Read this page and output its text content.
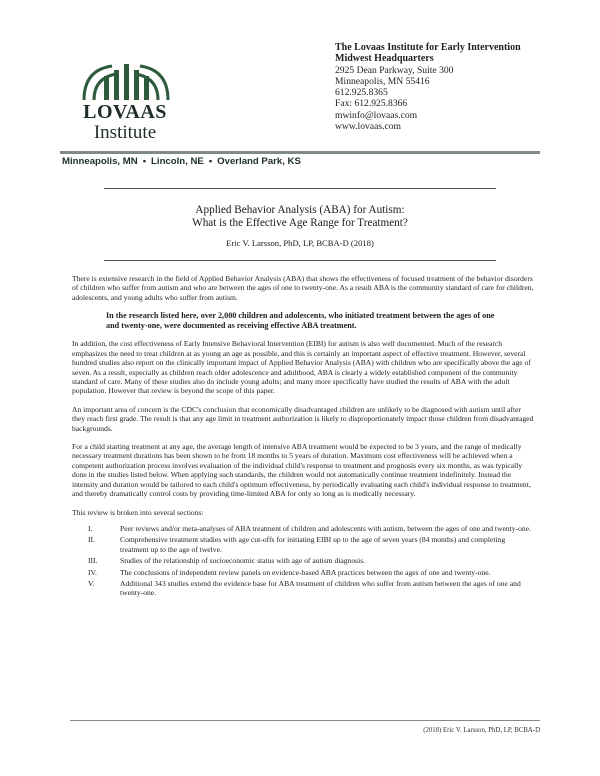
LOVAAS
Institute
The Lovaas Institute for Early Intervention
Midwest Headquarters
2925 Dean Parkway, Suite 300
Minneapolis, MN 55416
612.925.8365
Fax: 612.925.8366
mwinfo@lovaas.com
www.lovaas.com
Minneapolis, MN • Lincoln, NE • Overland Park, KS
Applied Behavior Analysis (ABA) for Autism:
What is the Effective Age Range for Treatment?
Eric V. Larsson, PhD, LP, BCBA-D (2018)

There is extensive research in the field of Applied Behavior Analysis (ABA) that shows the effectiveness of focused treatment of the behavior disorders of children who suffer from autism and who are between the ages of one to twenty-one. As a result ABA is the community standard of care for children, adolescents, and young adults who suffer from autism.

In the research listed here, over 2,000 children and adolescents, who initiated treatment between the ages of one and twenty-one, were documented as receiving effective ABA treatment.

In addition, the cost effectiveness of Early Intensive Behavioral Intervention (EIBI) for autism is also well documented. Much of the research emphasizes the need to treat children at as young an age as possible, and this is certainly an important aspect of effective treatment. However, several hundred studies also report on the clinically important impact of Applied Behavior Analysis (ABA) with children who are specifically above the age of seven. As a result, especially as children reach older adolescence and adulthood, ABA is clearly a widely established component of the community standard of care. Many of these studies also do include young adults; and many more specifically have studied the results of ABA with the adult population. However that review is beyond the scope of this paper.

An important area of concern is the CDC's conclusion that economically disadvantaged children are unlikely to be diagnosed with autism until after they reach first grade. The result is that any age limit in treatment authorization is likely to disproportionately impact those children from disadvantaged backgrounds.

For a child starting treatment at any age, the average length of intensive ABA treatment would be expected to be 3 years, and the range of medically necessary treatment durations has been shown to be from 18 months to 5 years of duration. Maximum cost effectiveness will be achieved when a competent authorization process involves evaluation of the individual child's response to treatment and prognosis every six months, as was typically done in the studies listed below. When applying such standards, the children would not automatically continue treatment indefinitely. Instead the intensity and duration would be tailored to each child's optimum effectiveness, by periodically evaluating each child's individual response to treatment, and thereby dramatically control costs by providing time-limited ABA for only so long as is medically necessary.

This review is broken into several sections:

I.	Peer reviews and/or meta-analyses of ABA treatment of children and adolescents with autism, between the ages of one and twenty-one.
II.	Comprehensive treatment studies with age cut-offs for initiating EIBI up to the age of seven years (84 months) and completing treatment up to the age of twelve.
III.	Studies of the relationship of socioeconomic status with age of autism diagnosis.
IV.	The conclusions of independent review panels on evidence-based ABA practices between the ages of one and twenty-one.
V.	Additional 343 studies extend the evidence base for ABA treatment of children who suffer from autism between the ages of one and twenty-one.
(2018) Eric V. Larsson, PhD, LP, BCBA-D
